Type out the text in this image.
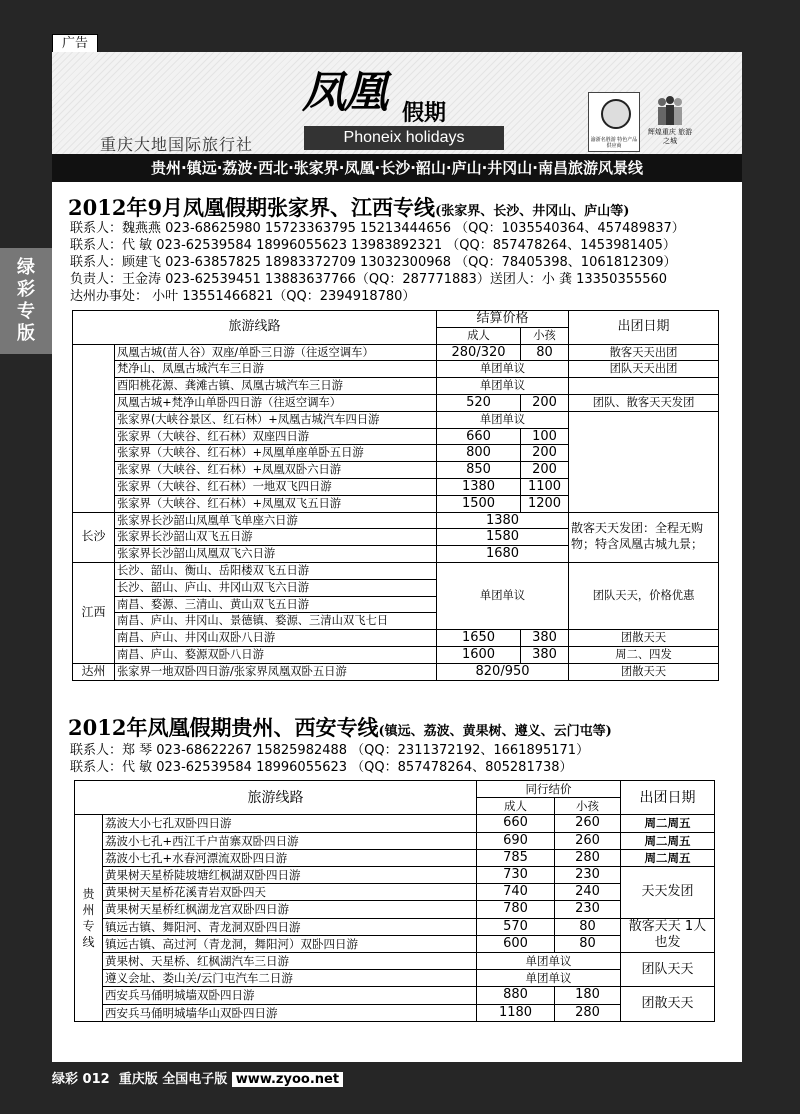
广告
绿
彩
专
版
重庆大地国际旅行社
凤凰 假期
Phoneix holidays	渝浙名胜游 特色产品供应商
辉煌重庆 旅游之城
贵州·镇远·荔波·西北·张家界·凤凰·长沙·韶山·庐山·井冈山·南昌旅游风景线
2012年9月凤凰假期张家界、江西专线(张家界、长沙、井冈山、庐山等)
联系人：魏燕燕 023-68625980 15723363795 15213444656 （QQ：1035540364、457489837）
联系人：代 敏 023-62539584 18996055623 13983892321 （QQ：857478264、1453981405）
联系人：顾建飞 023-63857825 18983372709 13032300968 （QQ：78405398、1061812309）
负责人：王金涛 023-62539451 13883637766（QQ：287771883）送团人：小 龚 13350355560
达州办事处： 小叶 13551466821（QQ：2394918780）
旅游线路		结算价格		出团日期
		成人	小孩	
	凤凰古城(苗人谷）双座/单卧三日游（往返空调车）	280/320	80	散客天天出团
	梵净山、凤凰古城汽车三日游	单团单议		团队天天出团
	酉阳桃花源、龚滩古镇、凤凰古城汽车三日游	单团单议		
	凤凰古城+梵净山单卧四日游（往返空调车）	520	200	团队、散客天天发团
	张家界(大峡谷景区、红石林）+凤凰古城汽车四日游	单团单议		
	张家界（大峡谷、红石林）双座四日游	660	100	
	张家界（大峡谷、红石林）+凤凰单座单卧五日游	800	200	
	张家界（大峡谷、红石林）+凤凰双卧六日游	850	200	
	张家界（大峡谷、红石林）一地双飞四日游	1380	1100	
	张家界（大峡谷、红石林）+凤凰双飞五日游	1500	1200	
长沙	张家界长沙韶山凤凰单飞单座六日游	1380		散客天天发团：全程无购物；特含凤凰古城九景；
	张家界长沙韶山双飞五日游	1580		
	张家界长沙韶山凤凰双飞六日游	1680		
江西	长沙、韶山、衡山、岳阳楼双飞五日游	单团单议		团队天天，价格优惠
	长沙、韶山、庐山、井冈山双飞六日游			
	南昌、婺源、三清山、黄山双飞五日游			
	南昌、庐山、井冈山、景德镇、婺源、三清山双飞七日			
	南昌、庐山、井冈山双卧八日游	1650	380	团散天天
	南昌、庐山、婺源双卧八日游	1600	380	周二、四发
达州	张家界一地双卧四日游/张家界凤凰双卧五日游	820/950		团散天天
2012年凤凰假期贵州、西安专线(镇远、荔波、黄果树、遵义、云门屯等)
联系人：郑 琴 023-68622267 15825982488 （QQ：2311372192、1661895171）
联系人：代 敏 023-62539584 18996055623 （QQ：857478264、805281738）
旅游线路		同行结价		出团日期
		成人	小孩	
贵
州
专
线	荔波大小七孔双卧四日游	660	260	周二周五
	荔波小七孔+西江千户苗寨双卧四日游	690	260	周二周五
	荔波小七孔+水春河漂流双卧四日游	785	280	周二周五
	黄果树天星桥陡坡塘红枫湖双卧四日游	730	230	天天发团
	黄果树天星桥花溪青岩双卧四天	740	240	
	黄果树天星桥红枫湖龙宫双卧四日游	780	230	
	镇远古镇、舞阳河、青龙洞双卧四日游	570	80	散客天天 1人也发
	镇远古镇、高过河（青龙洞，舞阳河）双卧四日游	600	80	
	黄果树、天星桥、红枫湖汽车三日游	单团单议		团队天天
	遵义会址、娄山关/云门屯汽车二日游	单团单议		
	西安兵马俑明城墙双卧四日游	880	180	团散天天
	西安兵马俑明城墙华山双卧四日游	1180	280	
绿彩 012 重庆版 全国电子版 www.zyoo.net
